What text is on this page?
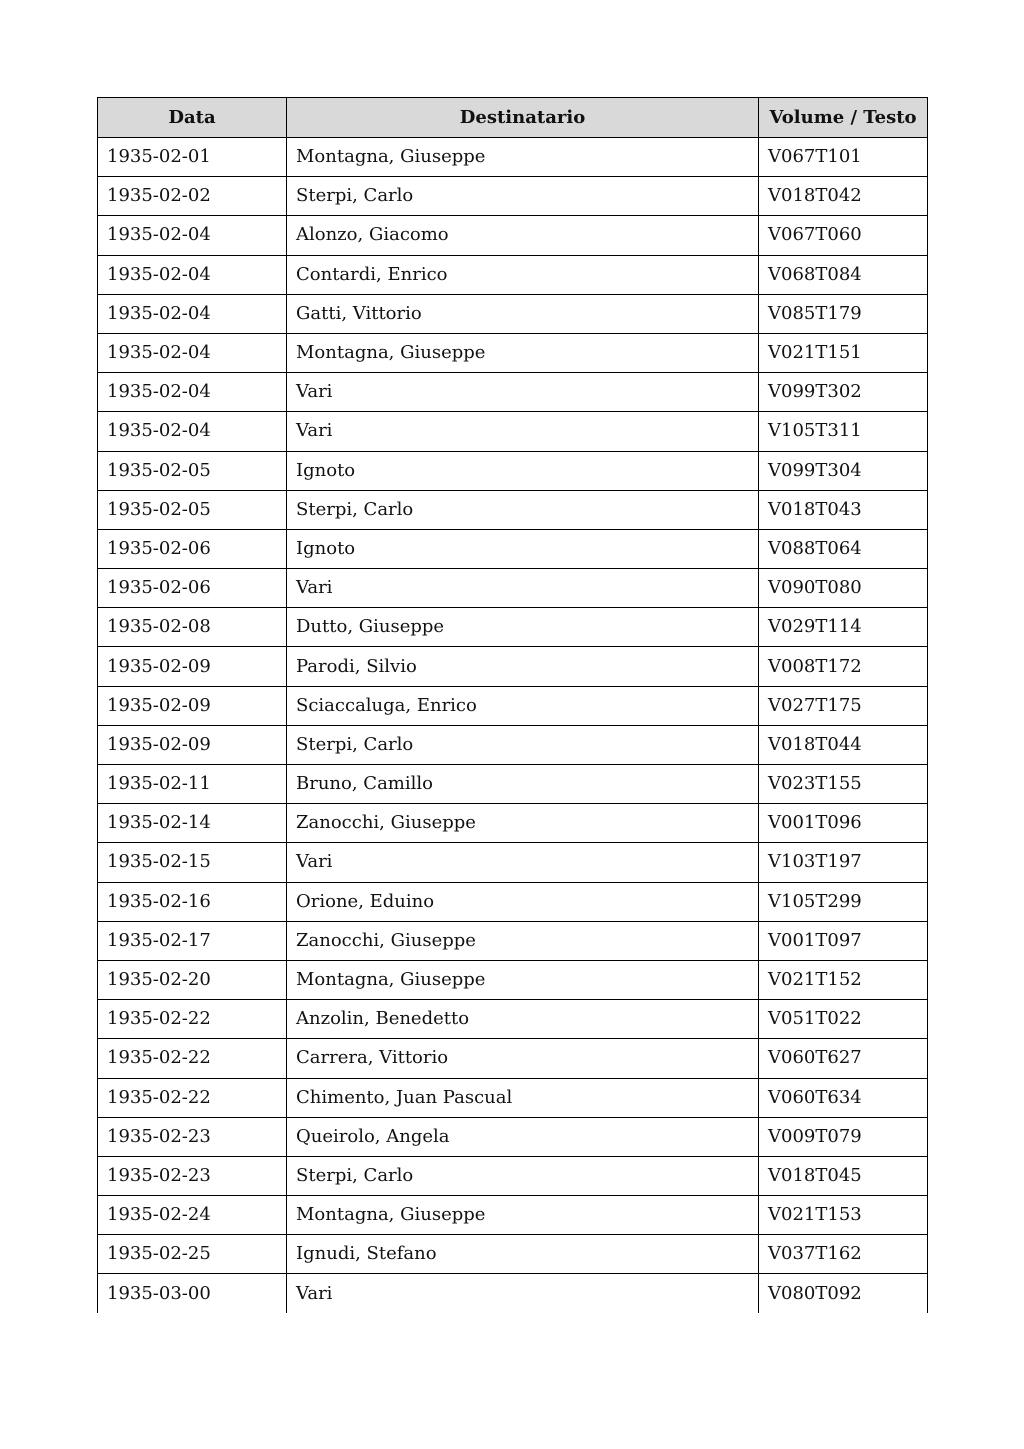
Data	Destinatario	Volume / Testo
1935-02-01	Montagna, Giuseppe	V067T101
1935-02-02	Sterpi, Carlo	V018T042
1935-02-04	Alonzo, Giacomo	V067T060
1935-02-04	Contardi, Enrico	V068T084
1935-02-04	Gatti, Vittorio	V085T179
1935-02-04	Montagna, Giuseppe	V021T151
1935-02-04	Vari	V099T302
1935-02-04	Vari	V105T311
1935-02-05	Ignoto	V099T304
1935-02-05	Sterpi, Carlo	V018T043
1935-02-06	Ignoto	V088T064
1935-02-06	Vari	V090T080
1935-02-08	Dutto, Giuseppe	V029T114
1935-02-09	Parodi, Silvio	V008T172
1935-02-09	Sciaccaluga, Enrico	V027T175
1935-02-09	Sterpi, Carlo	V018T044
1935-02-11	Bruno, Camillo	V023T155
1935-02-14	Zanocchi, Giuseppe	V001T096
1935-02-15	Vari	V103T197
1935-02-16	Orione, Eduino	V105T299
1935-02-17	Zanocchi, Giuseppe	V001T097
1935-02-20	Montagna, Giuseppe	V021T152
1935-02-22	Anzolin, Benedetto	V051T022
1935-02-22	Carrera, Vittorio	V060T627
1935-02-22	Chimento, Juan Pascual	V060T634
1935-02-23	Queirolo, Angela	V009T079
1935-02-23	Sterpi, Carlo	V018T045
1935-02-24	Montagna, Giuseppe	V021T153
1935-02-25	Ignudi, Stefano	V037T162
1935-03-00	Vari	V080T092
